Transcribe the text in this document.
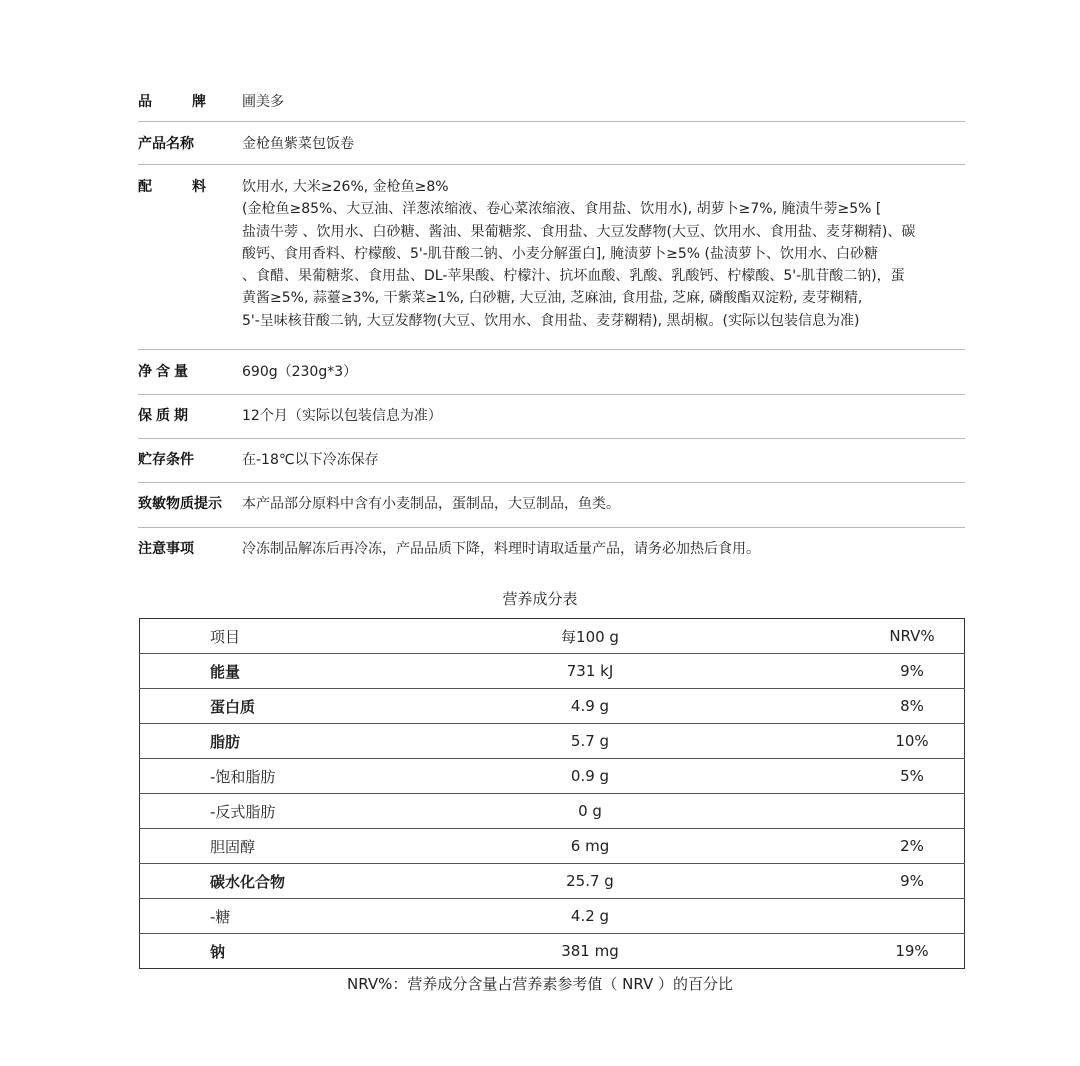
品	牌	圃美多
产品名称	金枪鱼紫菜包饭卷
配	料	饮用水, 大米≥26%, 金枪鱼≥8%
(金枪鱼≥85%、大豆油、洋葱浓缩液、卷心菜浓缩液、食用盐、饮用水), 胡萝卜≥7%, 腌渍牛蒡≥5% [
盐渍牛蒡 、饮用水、白砂糖、酱油、果葡糖浆、食用盐、大豆发酵物(大豆、饮用水、食用盐、麦芽糊精)、碳
酸钙、食用香料、柠檬酸、5'-肌苷酸二钠、小麦分解蛋白], 腌渍萝卜≥5% (盐渍萝卜、饮用水、白砂糖
、食醋、果葡糖浆、食用盐、DL-苹果酸、柠檬汁、抗坏血酸、乳酸、乳酸钙、柠檬酸、5'-肌苷酸二钠)，蛋
黄酱≥5%, 蒜薹≥3%, 干紫菜≥1%, 白砂糖, 大豆油, 芝麻油, 食用盐, 芝麻, 磷酸酯双淀粉, 麦芽糊精,
5'-呈味核苷酸二钠, 大豆发酵物(大豆、饮用水、食用盐、麦芽糊精), 黑胡椒。(实际以包装信息为准)
净含量	690g（230g*3）
保质期	12个月（实际以包装信息为准）
贮存条件	在-18℃以下冷冻保存
致敏物质提示	本产品部分原料中含有小麦制品，蛋制品，大豆制品，鱼类。
注意事项	冷冻制品解冻后再冷冻，产品品质下降，料理时请取适量产品，请务必加热后食用。
营养成分表
项目	每100 g	NRV%
能量	731 kJ	9%
蛋白质	4.9 g	8%
脂肪	5.7 g	10%
-饱和脂肪	0.9 g	5%
-反式脂肪	0 g	
胆固醇	6 mg	2%
碳水化合物	25.7 g	9%
-糖	4.2 g	
钠	381 mg	19%
NRV%：营养成分含量占营养素参考值（ NRV ）的百分比
